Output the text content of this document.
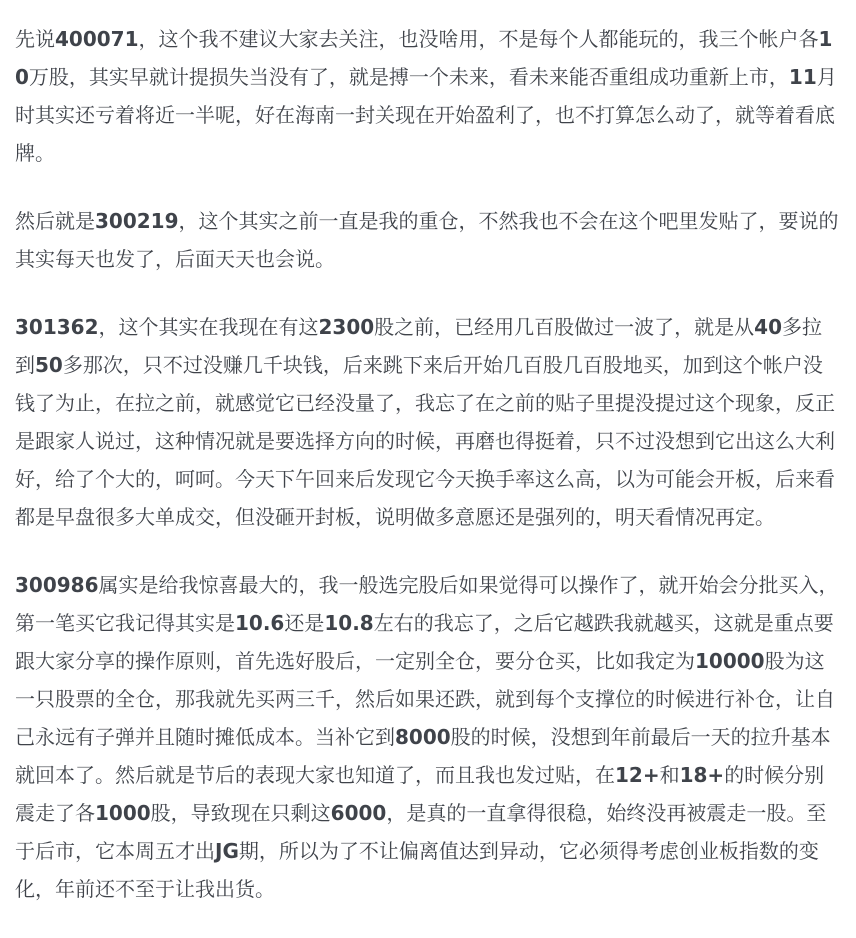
先说400071，这个我不建议大家去关注，也没啥用，不是每个人都能玩的，我三个帐户各10万股，其实早就计提损失当没有了，就是搏一个未来，看未来能否重组成功重新上市，11月时其实还亏着将近一半呢，好在海南一封关现在开始盈利了，也不打算怎么动了，就等着看底牌。

然后就是300219，这个其实之前一直是我的重仓，不然我也不会在这个吧里发贴了，要说的其实每天也发了，后面天天也会说。

301362，这个其实在我现在有这2300股之前，已经用几百股做过一波了，就是从40多拉到50多那次，只不过没赚几千块钱，后来跳下来后开始几百股几百股地买，加到这个帐户没钱了为止，在拉之前，就感觉它已经没量了，我忘了在之前的贴子里提没提过这个现象，反正是跟家人说过，这种情况就是要选择方向的时候，再磨也得挺着，只不过没想到它出这么大利好，给了个大的，呵呵。今天下午回来后发现它今天换手率这么高，以为可能会开板，后来看都是早盘很多大单成交，但没砸开封板，说明做多意愿还是强列的，明天看情况再定。

300986属实是给我惊喜最大的，我一般选完股后如果觉得可以操作了，就开始会分批买入，第一笔买它我记得其实是10.6还是10.8左右的我忘了，之后它越跌我就越买，这就是重点要跟大家分享的操作原则，首先选好股后，一定别全仓，要分仓买，比如我定为10000股为这一只股票的全仓，那我就先买两三千，然后如果还跌，就到每个支撑位的时候进行补仓，让自己永远有子弹并且随时摊低成本。当补它到8000股的时候，没想到年前最后一天的拉升基本就回本了。然后就是节后的表现大家也知道了，而且我也发过贴，在12+和18+的时候分别震走了各1000股，导致现在只剩这6000，是真的一直拿得很稳，始终没再被震走一股。至于后市，它本周五才出JG期，所以为了不让偏离值达到异动，它必须得考虑创业板指数的变化，年前还不至于让我出货。
